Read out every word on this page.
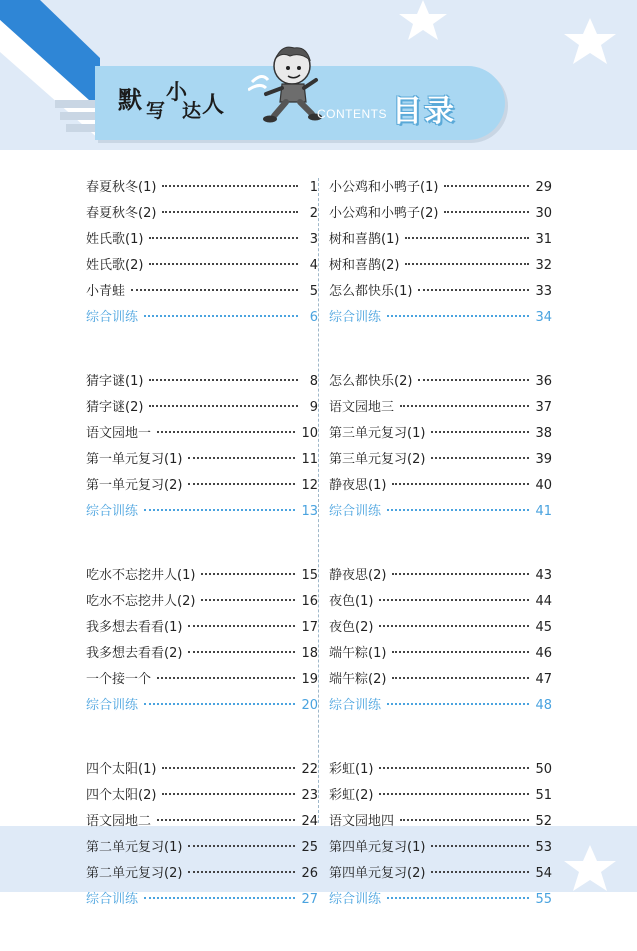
默 写
小
达 人	CONTENTS 目录
春夏秋冬(1)	1
春夏秋冬(2)	2
姓氏歌(1)	3
姓氏歌(2)	4
小青蛙	5
综合训练	6
猜字谜(1)	8
猜字谜(2)	9
语文园地一	10
第一单元复习(1)	11
第一单元复习(2)	12
综合训练	13
吃水不忘挖井人(1)	15
吃水不忘挖井人(2)	16
我多想去看看(1)	17
我多想去看看(2)	18
一个接一个	19
综合训练	20
四个太阳(1)	22
四个太阳(2)	23
语文园地二	24
第二单元复习(1)	25
第二单元复习(2)	26
综合训练	27
小公鸡和小鸭子(1)	29
小公鸡和小鸭子(2)	30
树和喜鹊(1)	31
树和喜鹊(2)	32
怎么都快乐(1)	33
综合训练	34
怎么都快乐(2)	36
语文园地三	37
第三单元复习(1)	38
第三单元复习(2)	39
静夜思(1)	40
综合训练	41
静夜思(2)	43
夜色(1)	44
夜色(2)	45
端午粽(1)	46
端午粽(2)	47
综合训练	48
彩虹(1)	50
彩虹(2)	51
语文园地四	52
第四单元复习(1)	53
第四单元复习(2)	54
综合训练	55
